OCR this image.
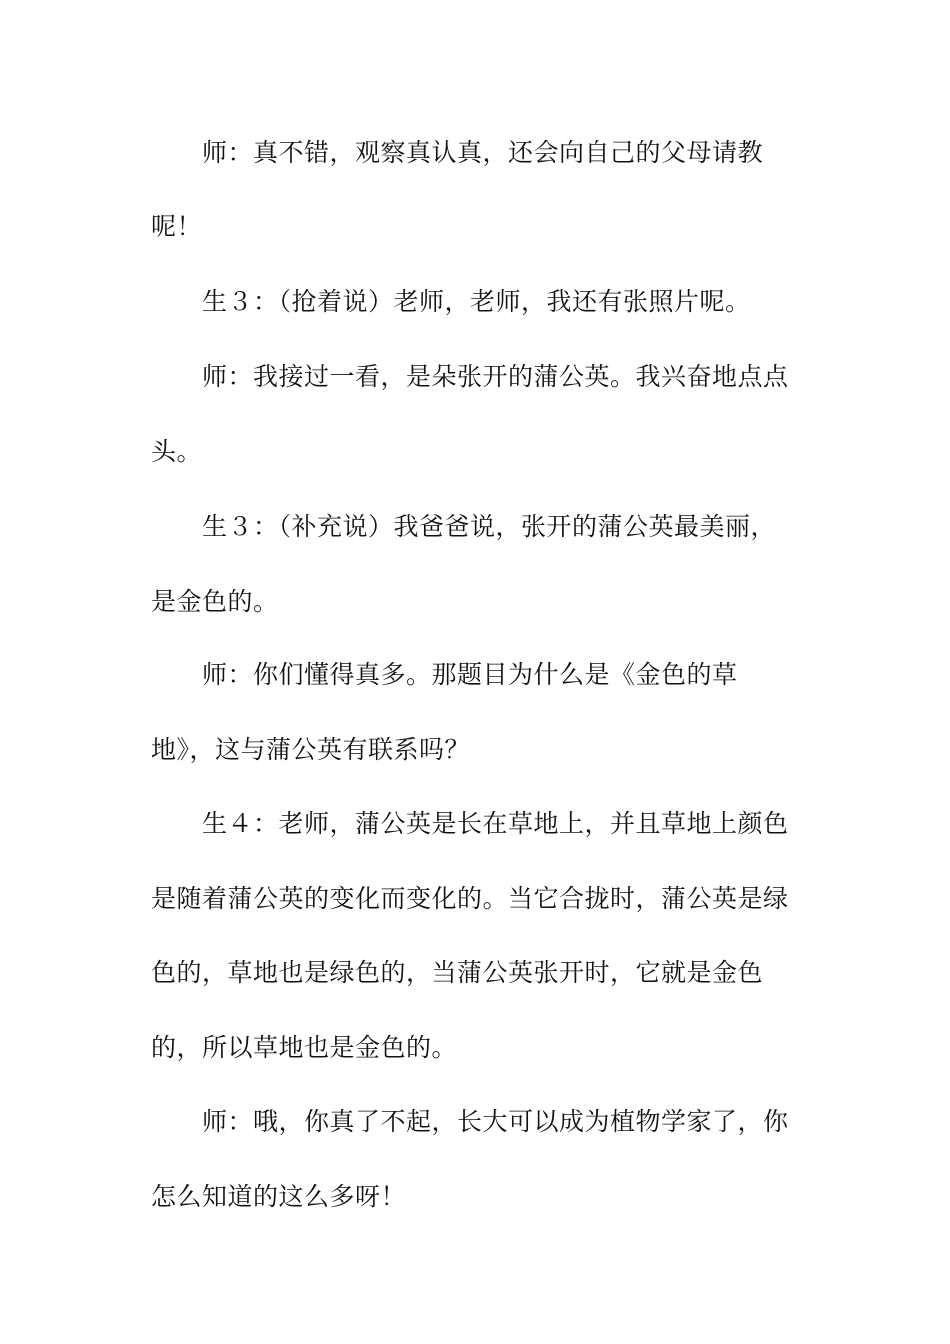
师：真不错，观察真认真，还会向自己的父母请教
呢！
生３：（抢着说）老师，老师，我还有张照片呢。
师：我接过一看，是朵张开的蒲公英。我兴奋地点点
头。
生３：（补充说）我爸爸说，张开的蒲公英最美丽，
是金色的。
师：你们懂得真多。那题目为什么是《金色的草
地》，这与蒲公英有联系吗？
生４：老师，蒲公英是长在草地上，并且草地上颜色
是随着蒲公英的变化而变化的。当它合拢时，蒲公英是绿
色的，草地也是绿色的，当蒲公英张开时，它就是金色
的，所以草地也是金色的。
师：哦，你真了不起，长大可以成为植物学家了，你
怎么知道的这么多呀！
